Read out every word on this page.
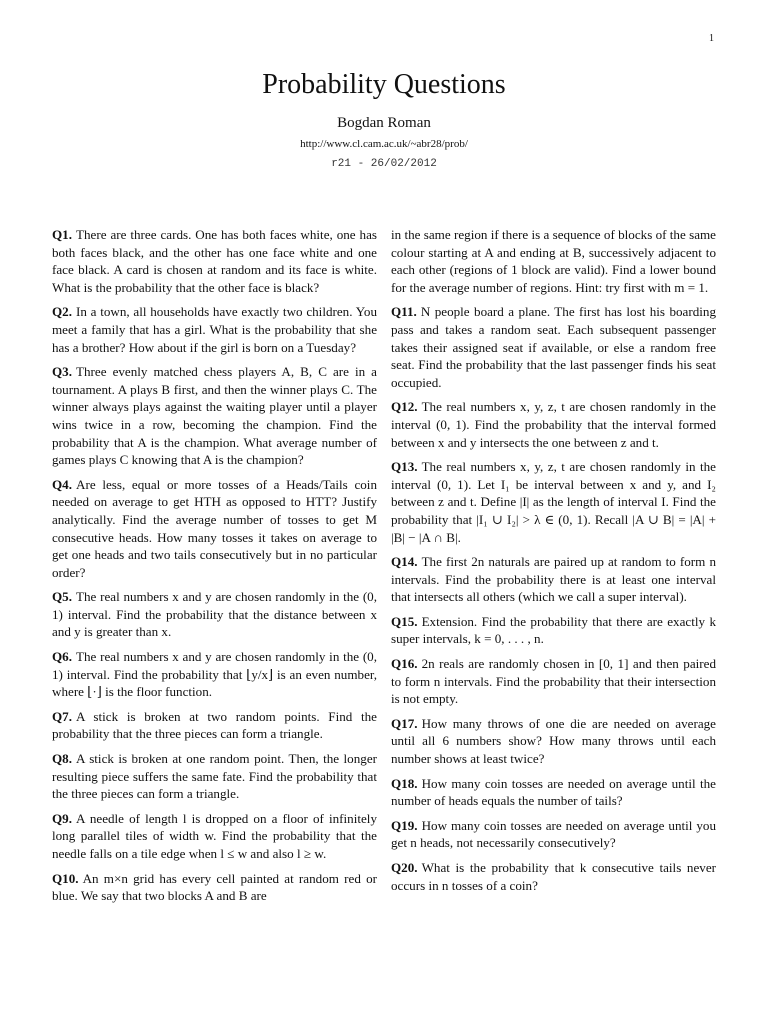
1
Probability Questions
Bogdan Roman
http://www.cl.cam.ac.uk/~abr28/prob/
r21 - 26/02/2012

Q1. There are three cards. One has both faces white, one has both faces black, and the other has one face white and one face black. A card is chosen at random and its face is white. What is the probability that the other face is black?

Q2. In a town, all households have exactly two children. You meet a family that has a girl. What is the probability that she has a brother? How about if the girl is born on a Tuesday?

Q3. Three evenly matched chess players A, B, C are in a tournament. A plays B first, and then the winner plays C. The winner always plays against the waiting player until a player wins twice in a row, becoming the champion. Find the probability that A is the champion. What average number of games plays C knowing that A is the champion?

Q4. Are less, equal or more tosses of a Heads/Tails coin needed on average to get HTH as opposed to HTT? Justify analytically. Find the average number of tosses to get M consecutive heads. How many tosses it takes on average to get one heads and two tails consecutively but in no particular order?

Q5. The real numbers x and y are chosen randomly in the (0, 1) interval. Find the probability that the distance between x and y is greater than x.

Q6. The real numbers x and y are chosen randomly in the (0, 1) interval. Find the probability that ⌊y/x⌋ is an even number, where ⌊·⌋ is the floor function.

Q7. A stick is broken at two random points. Find the probability that the three pieces can form a triangle.

Q8. A stick is broken at one random point. Then, the longer resulting piece suffers the same fate. Find the probability that the three pieces can form a triangle.

Q9. A needle of length l is dropped on a floor of infinitely long parallel tiles of width w. Find the probability that the needle falls on a tile edge when l ≤ w and also l ≥ w.

Q10. An m×n grid has every cell painted at random red or blue. We say that two blocks A and B are

in the same region if there is a sequence of blocks of the same colour starting at A and ending at B, successively adjacent to each other (regions of 1 block are valid). Find a lower bound for the average number of regions. Hint: try first with m = 1.

Q11. N people board a plane. The first has lost his boarding pass and takes a random seat. Each subsequent passenger takes their assigned seat if available, or else a random free seat. Find the probability that the last passenger finds his seat occupied.

Q12. The real numbers x, y, z, t are chosen randomly in the interval (0, 1). Find the probability that the interval formed between x and y intersects the one between z and t.

Q13. The real numbers x, y, z, t are chosen randomly in the interval (0, 1). Let I₁ be interval between x and y, and I₂ between z and t. Define |I| as the length of interval I. Find the probability that |I₁ ∪ I₂| > λ ∈ (0, 1). Recall |A ∪ B| = |A| + |B| − |A ∩ B|.

Q14. The first 2n naturals are paired up at random to form n intervals. Find the probability there is at least one interval that intersects all others (which we call a super interval).

Q15. Extension. Find the probability that there are exactly k super intervals, k = 0, . . . , n.

Q16. 2n reals are randomly chosen in [0, 1] and then paired to form n intervals. Find the probability that their intersection is not empty.

Q17. How many throws of one die are needed on average until all 6 numbers show? How many throws until each number shows at least twice?

Q18. How many coin tosses are needed on average until the number of heads equals the number of tails?

Q19. How many coin tosses are needed on average until you get n heads, not necessarily consecutively?

Q20. What is the probability that k consecutive tails never occurs in n tosses of a coin?
